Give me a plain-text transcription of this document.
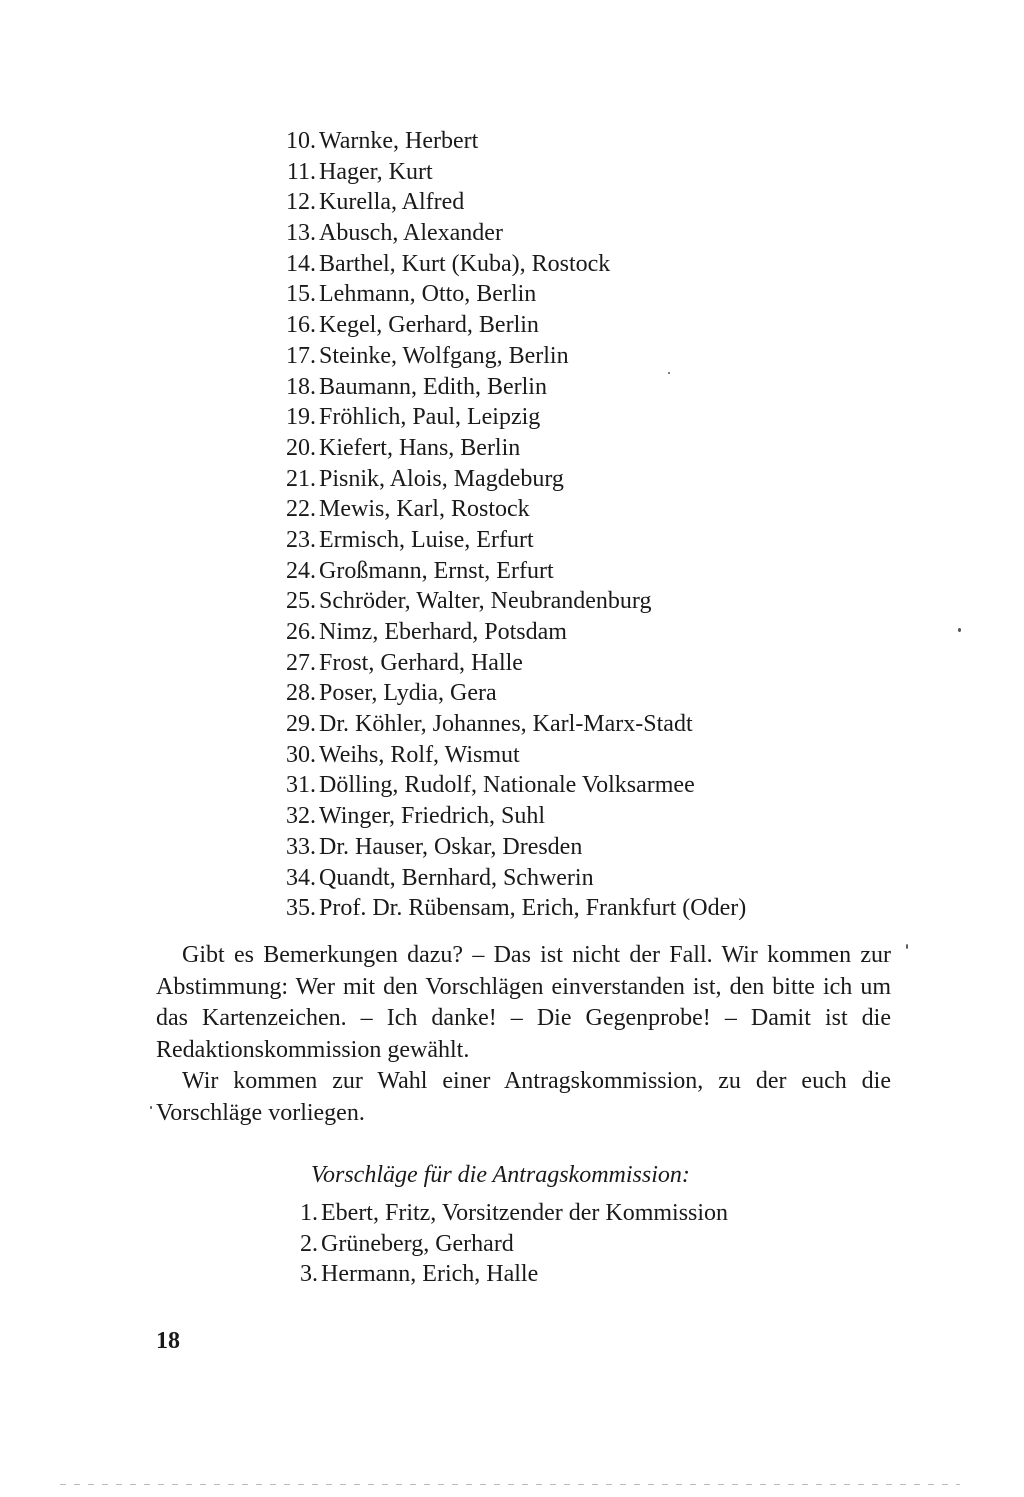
10. Warnke, Herbert
11. Hager, Kurt
12. Kurella, Alfred
13. Abusch, Alexander
14. Barthel, Kurt (Kuba), Rostock
15. Lehmann, Otto, Berlin
16. Kegel, Gerhard, Berlin
17. Steinke, Wolfgang, Berlin
18. Baumann, Edith, Berlin
19. Fröhlich, Paul, Leipzig
20. Kiefert, Hans, Berlin
21. Pisnik, Alois, Magdeburg
22. Mewis, Karl, Rostock
23. Ermisch, Luise, Erfurt
24. Großmann, Ernst, Erfurt
25. Schröder, Walter, Neubrandenburg
26. Nimz, Eberhard, Potsdam
27. Frost, Gerhard, Halle
28. Poser, Lydia, Gera
29. Dr. Köhler, Johannes, Karl-Marx-Stadt
30. Weihs, Rolf, Wismut
31. Dölling, Rudolf, Nationale Volksarmee
32. Winger, Friedrich, Suhl
33. Dr. Hauser, Oskar, Dresden
34. Quandt, Bernhard, Schwerin
35. Prof. Dr. Rübensam, Erich, Frankfurt (Oder)

Gibt es Bemerkungen dazu? – Das ist nicht der Fall. Wir kommen zur Abstimmung: Wer mit den Vorschlägen einverstanden ist, den bitte ich um das Kartenzeichen. – Ich danke! – Die Gegenprobe! – Damit ist die Redaktionskommission gewählt.

Wir kommen zur Wahl einer Antragskommission, zu der euch die Vorschläge vorliegen.

Vorschläge für die Antragskommission:
1. Ebert, Fritz, Vorsitzender der Kommission
2. Grüneberg, Gerhard
3. Hermann, Erich, Halle
18
